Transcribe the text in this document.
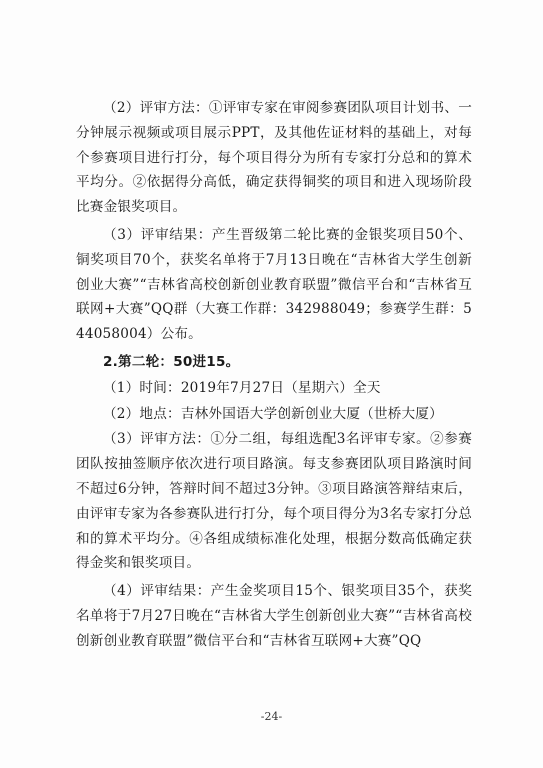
（2）评审方法：①评审专家在审阅参赛团队项目计划书、一分钟展示视频或项目展示PPT，及其他佐证材料的基础上，对每个参赛项目进行打分，每个项目得分为所有专家打分总和的算术平均分。②依据得分高低，确定获得铜奖的项目和进入现场阶段比赛金银奖项目。

（3）评审结果：产生晋级第二轮比赛的金银奖项目50个、铜奖项目70个，获奖名单将于7月13日晚在“吉林省大学生创新创业大赛”“吉林省高校创新创业教育联盟”微信平台和“吉林省互联网+大赛”QQ群（大赛工作群：342988049；参赛学生群：544058004）公布。

2.第二轮：50进15。

（1）时间：2019年7月27日（星期六）全天

（2）地点：吉林外国语大学创新创业大厦（世桥大厦）

（3）评审方法：①分二组，每组选配3名评审专家。②参赛团队按抽签顺序依次进行项目路演。每支参赛团队项目路演时间不超过6分钟，答辩时间不超过3分钟。③项目路演答辩结束后，由评审专家为各参赛队进行打分，每个项目得分为3名专家打分总和的算术平均分。④各组成绩标准化处理，根据分数高低确定获得金奖和银奖项目。

（4）评审结果：产生金奖项目15个、银奖项目35个，获奖名单将于7月27日晚在“吉林省大学生创新创业大赛”“吉林省高校创新创业教育联盟”微信平台和“吉林省互联网+大赛”QQ

-24-
